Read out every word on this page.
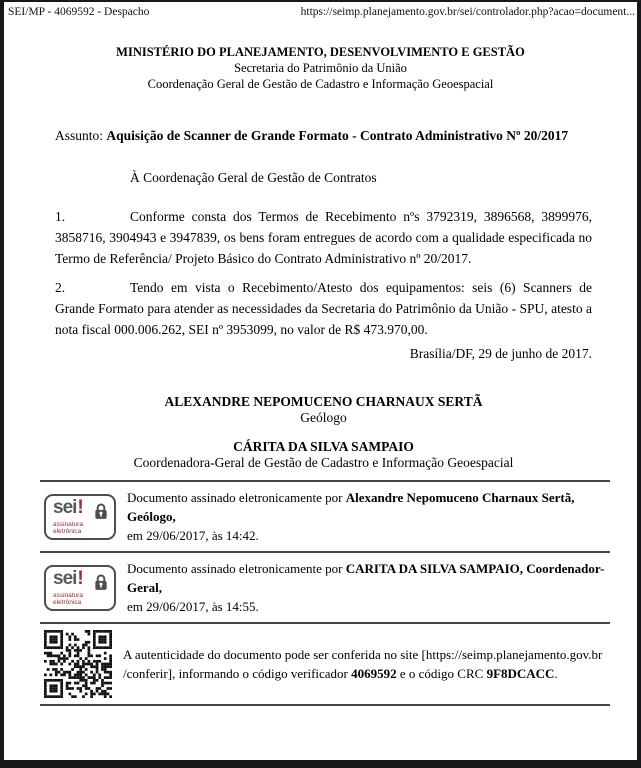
SEI/MP - 4069592 - Despacho	https://seimp.planejamento.gov.br/sei/controlador.php?acao=document...
MINISTÉRIO DO PLANEJAMENTO, DESENVOLVIMENTO E GESTÃO
Secretaria do Patrimônio da União
Coordenação Geral de Gestão de Cadastro e Informação Geoespacial
Assunto: Aquisição de Scanner de Grande Formato - Contrato Administrativo Nº 20/2017
À Coordenação Geral de Gestão de Contratos
1.	Conforme consta dos Termos de Recebimento nºs 3792319, 3896568, 3899976, 3858716, 3904943 e 3947839, os bens foram entregues de acordo com a qualidade especificada no Termo de Referência/ Projeto Básico do Contrato Administrativo nº 20/2017.
2.	Tendo em vista o Recebimento/Atesto dos equipamentos: seis (6) Scanners de Grande Formato para atender as necessidades da Secretaria do Patrimônio da União - SPU, atesto a nota fiscal 000.006.262, SEI nº 3953099, no valor de R$ 473.970,00.
Brasília/DF, 29 de junho de 2017.
ALEXANDRE NEPOMUCENO CHARNAUX SERTÃ
Geólogo
CÁRITA DA SILVA SAMPAIO
Coordenadora-Geral de Gestão de Cadastro e Informação Geoespacial
sei!
assinatura
eletrônica
Documento assinado eletronicamente por Alexandre Nepomuceno Charnaux Sertã, Geólogo,
em 29/06/2017, às 14:42.
sei!
assinatura
eletrônica
Documento assinado eletronicamente por CARITA DA SILVA SAMPAIO, Coordenador-Geral,
em 29/06/2017, às 14:55.
A autenticidade do documento pode ser conferida no site [https://seimp.planejamento.gov.br
/conferir], informando o código verificador 4069592 e o código CRC 9F8DCACC.
